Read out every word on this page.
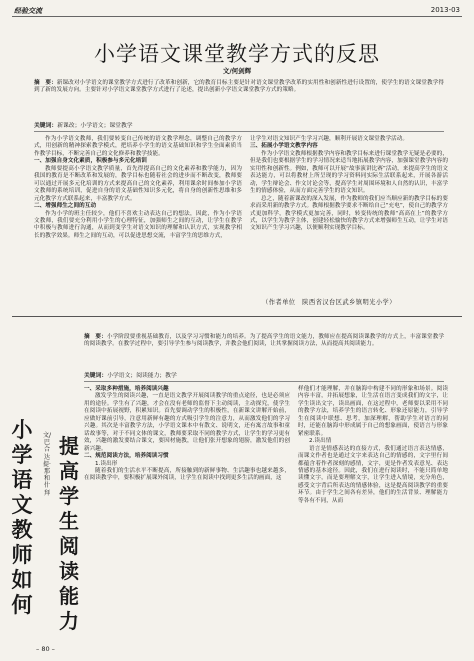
经验交流	2013-03
小学语文课堂教学方式的反思
文/何剑辉

摘　要：新课改对小学语文的课堂教学方式进行了改革和创新，它的教育目标主要是针对语文课堂教学改革的实用性和创新性进行设置的，使学生的语文课堂教学得到了新的发展方向。主要针对小学语文课堂教学方式进行了论述，提出创新小学语文课堂教学方式的策略。

关键词：新课改；小学语文；课堂教学

作为小学语文教师，我们要转变自己传统的语文教学理念，调整自己的教学方式，用创新的精神探索教学模式，把培养小学生的语文基础知识和学生全面素质当作教学目标，不断完善自己的文化修养和教学技能。

一、加强自身文化素质，积极参与多元化培训

教师要提高小学语文教学质量，首先得提高自己的文化素养和教学能力，因为我国的教育是不断改革和发展的，教学目标也随着社会的进步而不断改变，教师要可以通过开展多元化培训的方式来提高自己的文化素养，利用课余时间参加小学语文教师的系统培训，促进自身的语文基础性知识多元化，将自身的创新性思维和多元化教学方式联系起来，丰富教学方式。

二、增强师生之间的互动

作为小学的班主任较少，他们不喜欢主动表达自己的想法，因此，作为小学语文教师，我们要充分利用小学生的心理特征，加强师生之间的互动，让学生在教学中积极与教师进行沟通，从而到变学生对语文知识的理解和认识方式，实现教学相长的教学效果。师生之间的互动，可以促进思想交流，丰富学生的思维方式，

让学生对语文知识产生学习兴趣，顺利开展语文课堂教学活动。

三、拓展小学语文教学内容

作为小学语文教师根据教学内容和教学目标来进行课堂教学无疑是必要的，但是我们也要根据学生的学习情况来适当地拓展教学内容，加强课堂教学内容的实用性和创新性。例如，教师可以开展“故事演讲比赛”活动，来提高学生的语文表达能力，可以将教材上所呈现的学习资料同实际生活联系起来，开展各游活动，学生辩论会、作文讨论会等，提高学生对周围环境和人自然的认识，丰富学生的情感体验，从而方面完善学生的语文知识。

总之，随着新课改的深入发展，作为教师的我们应当顺应新的教学目标的要求而采用新的教学方式。教师根据教学要求不断给自己“充电”，使自己的教学方式更加科学，教学模式更加完善，同时，转变传统的教师“高高在上”的教学方式，以学生为教学主体，创建轻松愉快的教学方式来增强师生互动，让学生对语文知识产生学习兴趣，以便顺利实现教学目标。

（作者单位　陕西省汉台区武乡镇明光小学）
小学语文教师如何
文/巴合达提·那和什拜
提高学生阅读能力

摘　要：小学阶段要重视基础教育，以及学习习惯和能力的培养。为了提高学生的语文能力，教师应在提高阅读课教学的方式上，丰富课堂教学的阅读教学。在教学过程中，要引导学生参与阅读教学，并教会他们阅读，让其掌握阅读方法，从而提高其阅读能力。

关键词：小学语文；阅读能力；教学

一、采取多种措施，培养阅读兴趣

激发学生的阅读兴趣，一直是语文教学开展阅读教学的重点途径，也是必须应用的途径。学生有了兴趣，才会在没有老师的监督下主动阅读，主动探究，使学生在阅读中拓展视野，积累知识。首先要调动学生的积极性，在新课文讲解开始前，应做好课前引导，注意用新鲜有趣的方式吸引学生的注意力，从而激发他们的学习兴趣。其次是丰富教学方法，小学语文课本中有散文、说明文，还有寓言故事和童话故事等，对于不同文体的课文，教师要采取不同的教学方式，让学生的学习更有效，兴趣的激发要结合课文，要因材施教，让他们张开想象的翅膀，激发他们的创新兴趣。

二、规范阅读方法，培养阅读习惯

1.读出形

随着我们的生活水平不断提高，所接触到的新鲜事物、生活趣事也越来越多，在阅读教学中，要积极扩展课外阅读，让学生在阅读中找到更多生活的画面，这

样他们才能理解，并在脑海中构建不同的形象和场景。阅读内容丰富，并拓展想象，让生活在语言变成我们的文字，让学生读出文字，读出画面，在这过程中，老师要以采用不同的教学方法，培养学生的语言转化、形象还原能力，引导学生在阅读中联想、思考，加深理解，帮助学生对语言的同时，还能在脑海中形成属于自己的想象画面，使语言与形象紧密联系。

2.读出情

语言是情感表达的直接方式，我们通过语言表达情感，而课文作者也是通过文字来表达自己的情感的，文字里行间都蕴含着作者深刻的感情，文字，更是作者发表意见、表达情感的基本途径。因此，我们在进行阅读时，不能只简单地读懂文字，而是要理解文字，让学生进入情境，充分角色，感受文字背后所表达的情感体验，这是提高阅读教学的重要环节。由于学生之间各有差异，他们的生活背景、理解能力等各有不同，从而

– 80 –
